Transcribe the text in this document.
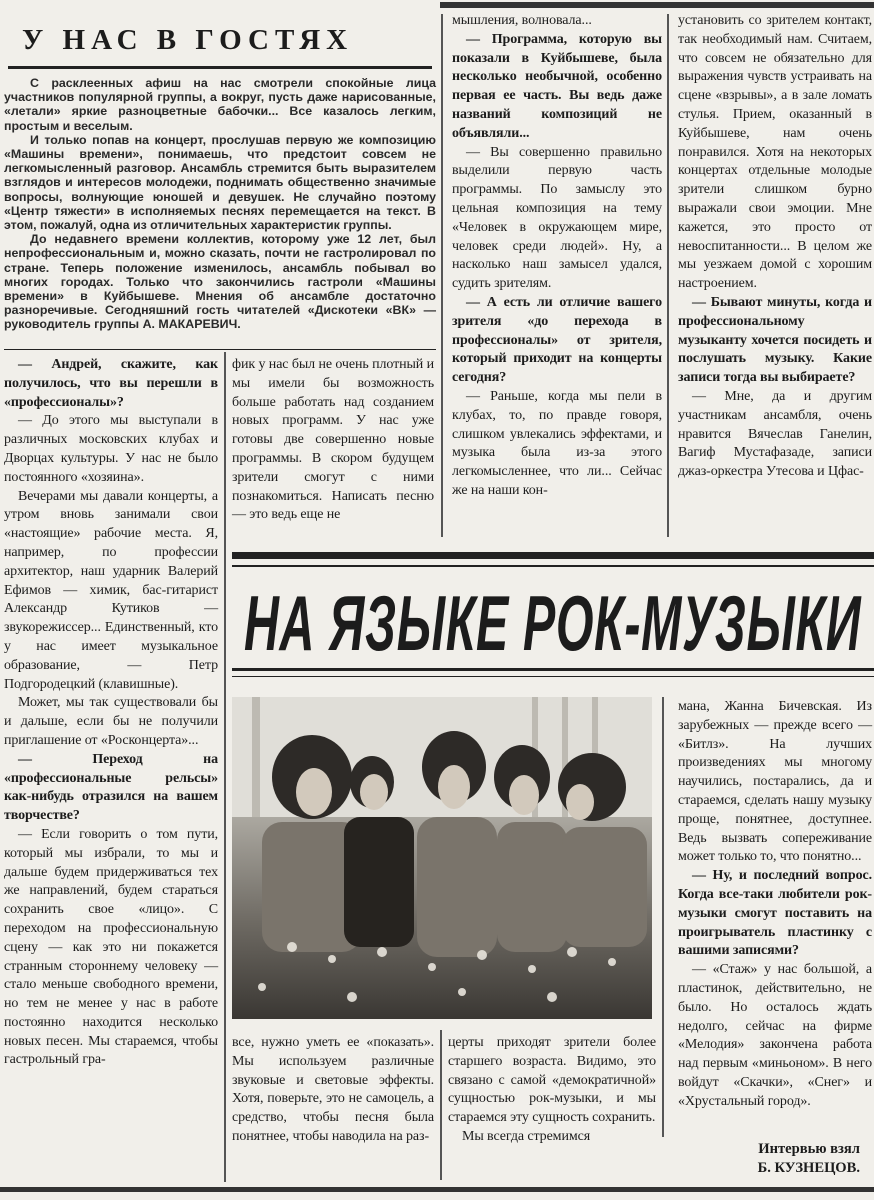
У НАС В ГОСТЯХ

С расклеенных афиш на нас смотрели спокойные лица участников популярной группы, а вокруг, пусть даже нарисованные, «летали» яркие разноцветные бабочки... Все казалось легким, простым и веселым.

И только попав на концерт, прослушав первую же композицию «Машины времени», понимаешь, что предстоит совсем не легкомысленный разговор. Ансамбль стремится быть выразителем взглядов и интересов молодежи, поднимать общественно значимые вопросы, волнующие юношей и девушек. Не случайно поэтому «Центр тяжести» в исполняемых песнях перемещается на текст. В этом, пожалуй, одна из отличительных характеристик группы.

До недавнего времени коллектив, которому уже 12 лет, был непрофессиональным и, можно сказать, почти не гастролировал по стране. Теперь положение изменилось, ансамбль побывал во многих городах. Только что закончились гастроли «Машины времени» в Куйбышеве. Мнения об ансамбле достаточно разноречивые. Сегодняшний гость читателей «Дискотеки «ВК» — руководитель группы А. МАКАРЕВИЧ.

— Андрей, скажите, как получилось, что вы перешли в «профессионалы»?

— До этого мы выступали в различных московских клубах и Дворцах культуры. У нас не было постоянного «хозяина».

Вечерами мы давали концерты, а утром вновь занимали свои «настоящие» рабочие места. Я, например, по профессии архитектор, наш ударник Валерий Ефимов — химик, бас-гитарист Александр Кутиков — звукорежиссер... Единственный, кто у нас имеет музыкальное образование, — Петр Подгородецкий (клавишные).

Может, мы так существовали бы и дальше, если бы не получили приглашение от «Росконцерта»...

— Переход на «профессиональные рельсы» как-нибудь отразился на вашем творчестве?

— Если говорить о том пути, который мы избрали, то мы и дальше будем придерживаться тех же направлений, будем стараться сохранить свое «лицо». С переходом на профессиональную сцену — как это ни покажется странным стороннему человеку — стало меньше свободного времени, но тем не менее у нас в работе постоянно находится несколько новых песен. Мы стараемся, чтобы гастрольный гра-

фик у нас был не очень плотный и мы имели бы возможность больше работать над созданием новых программ. У нас уже готовы две совершенно новые программы. В скором будущем зрители смогут с ними познакомиться. Написать песню — это ведь еще не

мышления, волновала...

— Программа, которую вы показали в Куйбышеве, была несколько необычной, особенно первая ее часть. Вы ведь даже названий композиций не объявляли...

— Вы совершенно правильно выделили первую часть программы. По замыслу это цельная композиция на тему «Человек в окружающем мире, человек среди людей». Ну, а насколько наш замысел удался, судить зрителям.

— А есть ли отличие вашего зрителя «до перехода в профессионалы» от зрителя, который приходит на концерты сегодня?

— Раньше, когда мы пели в клубах, то, по правде говоря, слишком увлекались эффектами, и музыка была из-за этого легкомысленнее, что ли... Сейчас же на наши кон-

установить со зрителем контакт, так необходимый нам. Считаем, что совсем не обязательно для выражения чувств устраивать на сцене «взрывы», а в зале ломать стулья. Прием, оказанный в Куйбышеве, нам очень понравился. Хотя на некоторых концертах отдельные молодые зрители слишком бурно выражали свои эмоции. Мне кажется, это просто от невоспитанности... В целом же мы уезжаем домой с хорошим настроением.

— Бывают минуты, когда и профессиональному музыканту хочется посидеть и послушать музыку. Какие записи тогда вы выбираете?

— Мне, да и другим участникам ансамбля, очень нравится Вячеслав Ганелин, Вагиф Мустафазаде, записи джаз-оркестра Утесова и Цфас-

НА ЯЗЫКЕ РОК-МУЗЫКИ

все, нужно уметь ее «показать». Мы используем различные звуковые и световые эффекты. Хотя, поверьте, это не самоцель, а средство, чтобы песня была понятнее, чтобы наводила на раз-

церты приходят зрители более старшего возраста. Видимо, это связано с самой «демократичной» сущностью рок-музыки, и мы стараемся эту сущность сохранить.

Мы всегда стремимся

мана, Жанна Бичевская. Из зарубежных — прежде всего — «Битлз». На лучших произведениях мы многому научились, постарались, да и стараемся, сделать нашу музыку проще, понятнее, доступнее. Ведь вызвать сопереживание может только то, что понятно...

— Ну, и последний вопрос. Когда все-таки любители рок-музыки смогут поставить на проигрыватель пластинку с вашими записями?

— «Стаж» у нас большой, а пластинок, действительно, не было. Но осталось ждать недолго, сейчас на фирме «Мелодия» закончена работа над первым «миньоном». В него войдут «Скачки», «Снег» и «Хрустальный город».

Интервью взял
Б. КУЗНЕЦОВ.
